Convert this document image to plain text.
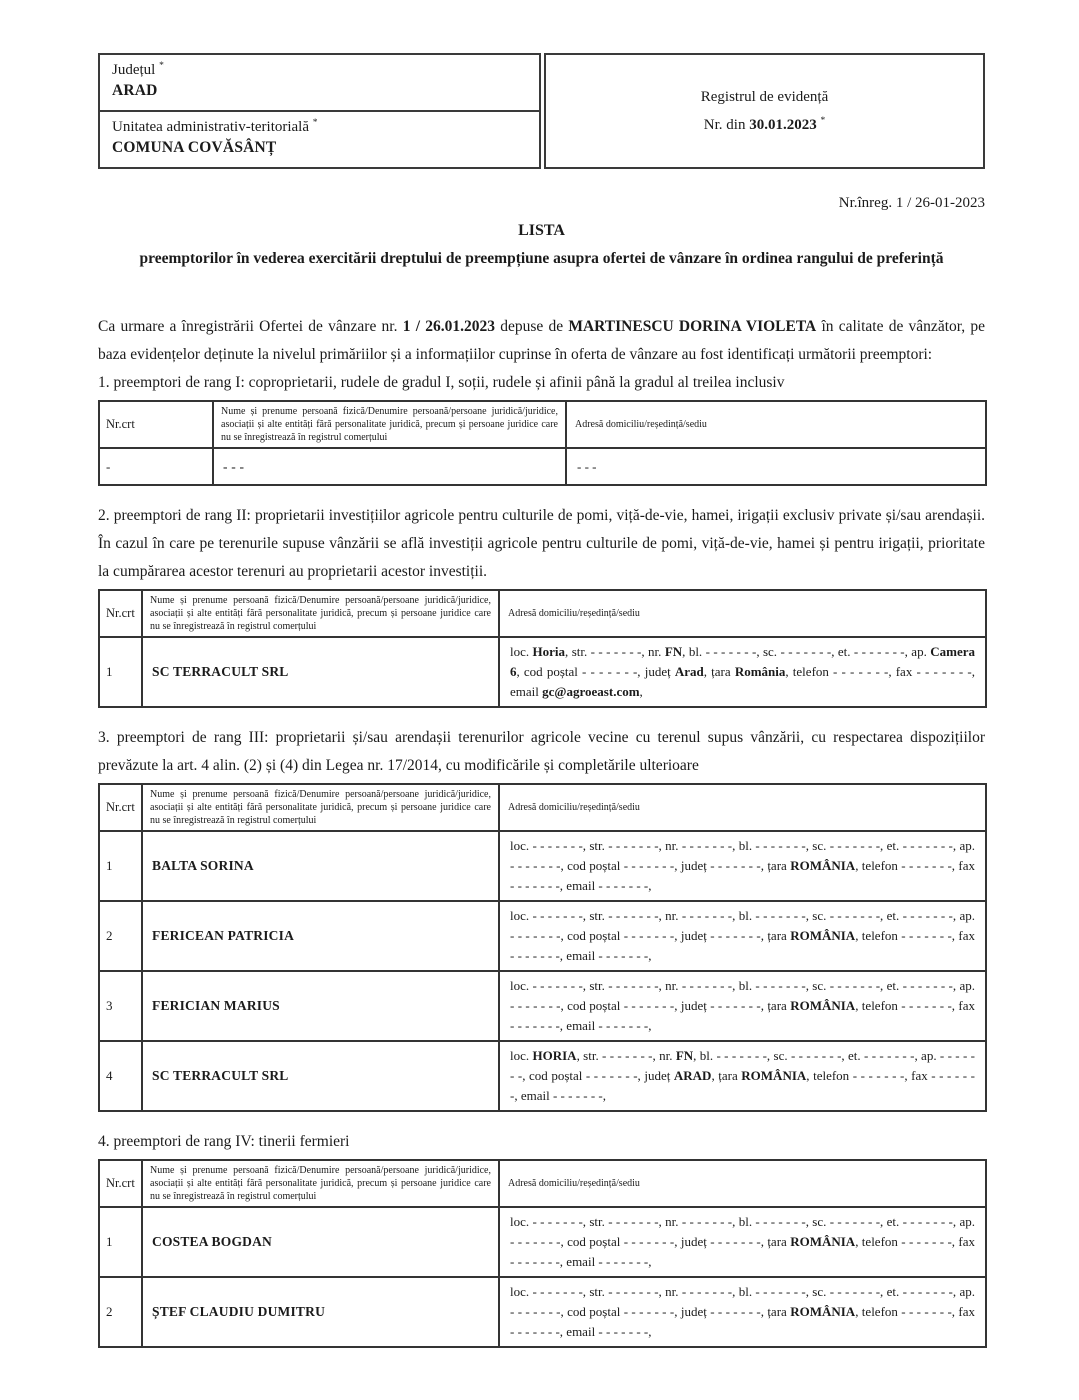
Județul *
ARAD
Unitatea administrativ-teritorială *
COMUNA COVĂSÂNȚ
Registrul de evidență
Nr. din 30.01.2023 *
Nr.înreg. 1 / 26-01-2023

LISTA

preemptorilor în vederea exercitării dreptului de preempțiune asupra ofertei de vânzare în ordinea rangului de preferință

Ca urmare a înregistrării Ofertei de vânzare nr. 1 / 26.01.2023 depuse de MARTINESCU DORINA VIOLETA în calitate de vânzător, pe baza evidențelor deținute la nivelul primăriilor și a informațiilor cuprinse în oferta de vânzare au fost identificați următorii preemptori:

1. preemptori de rang I: coproprietarii, rudele de gradul I, soții, rudele și afinii până la gradul al treilea inclusiv

Nr.crt	Nume și prenume persoană fizică/Denumire persoană/persoane juridică/juridice, asociații și alte entități fără personalitate juridică, precum și persoane juridice care nu se înregistrează în registrul comerțului	Adresă domiciliu/reședință/sediu
-	- - -	- - -

2. preemptori de rang II: proprietarii investițiilor agricole pentru culturile de pomi, viță-de-vie, hamei, irigații exclusiv private și/sau arendașii. În cazul în care pe terenurile supuse vânzării se află investiții agricole pentru culturile de pomi, viță-de-vie, hamei și pentru irigații, prioritate la cumpărarea acestor terenuri au proprietarii acestor investiții.

Nr.crt	Nume și prenume persoană fizică/Denumire persoană/persoane juridică/juridice, asociații și alte entități fără personalitate juridică, precum și persoane juridice care nu se înregistrează în registrul comerțului	Adresă domiciliu/reședință/sediu
1	SC TERRACULT SRL	loc. Horia, str. - - - - - - -, nr. FN, bl. - - - - - - -, sc. - - - - - - -, et. - - - - - - -, ap. Camera 6, cod poștal - - - - - - -, județ Arad, țara România, telefon - - - - - - -, fax - - - - - - -, email gc@agroeast.com,

3. preemptori de rang III: proprietarii și/sau arendașii terenurilor agricole vecine cu terenul supus vânzării, cu respectarea dispozițiilor prevăzute la art. 4 alin. (2) și (4) din Legea nr. 17/2014, cu modificările și completările ulterioare

Nr.crt	Nume și prenume persoană fizică/Denumire persoană/persoane juridică/juridice, asociații și alte entități fără personalitate juridică, precum și persoane juridice care nu se înregistrează în registrul comerțului	Adresă domiciliu/reședință/sediu
1	BALTA SORINA	loc. - - - - - - -, str. - - - - - - -, nr. - - - - - - -, bl. - - - - - - -, sc. - - - - - - -, et. - - - - - - -, ap. - - - - - - -, cod poștal - - - - - - -, județ - - - - - - -, țara ROMÂNIA, telefon - - - - - - -, fax - - - - - - -, email - - - - - - -,
2	FERICEAN PATRICIA	loc. - - - - - - -, str. - - - - - - -, nr. - - - - - - -, bl. - - - - - - -, sc. - - - - - - -, et. - - - - - - -, ap. - - - - - - -, cod poștal - - - - - - -, județ - - - - - - -, țara ROMÂNIA, telefon - - - - - - -, fax - - - - - - -, email - - - - - - -,
3	FERICIAN MARIUS	loc. - - - - - - -, str. - - - - - - -, nr. - - - - - - -, bl. - - - - - - -, sc. - - - - - - -, et. - - - - - - -, ap. - - - - - - -, cod poștal - - - - - - -, județ - - - - - - -, țara ROMÂNIA, telefon - - - - - - -, fax - - - - - - -, email - - - - - - -,
4	SC TERRACULT SRL	loc. HORIA, str. - - - - - - -, nr. FN, bl. - - - - - - -, sc. - - - - - - -, et. - - - - - - -, ap. - - - - - - -, cod poștal - - - - - - -, județ ARAD, țara ROMÂNIA, telefon - - - - - - -, fax - - - - - - -, email - - - - - - -,

4. preemptori de rang IV: tinerii fermieri

Nr.crt	Nume și prenume persoană fizică/Denumire persoană/persoane juridică/juridice, asociații și alte entități fără personalitate juridică, precum și persoane juridice care nu se înregistrează în registrul comerțului	Adresă domiciliu/reședință/sediu
1	COSTEA BOGDAN	loc. - - - - - - -, str. - - - - - - -, nr. - - - - - - -, bl. - - - - - - -, sc. - - - - - - -, et. - - - - - - -, ap. - - - - - - -, cod poștal - - - - - - -, județ - - - - - - -, țara ROMÂNIA, telefon - - - - - - -, fax - - - - - - -, email - - - - - - -,
2	ȘTEF CLAUDIU DUMITRU	loc. - - - - - - -, str. - - - - - - -, nr. - - - - - - -, bl. - - - - - - -, sc. - - - - - - -, et. - - - - - - -, ap. - - - - - - -, cod poștal - - - - - - -, județ - - - - - - -, țara ROMÂNIA, telefon - - - - - - -, fax - - - - - - -, email - - - - - - -,
